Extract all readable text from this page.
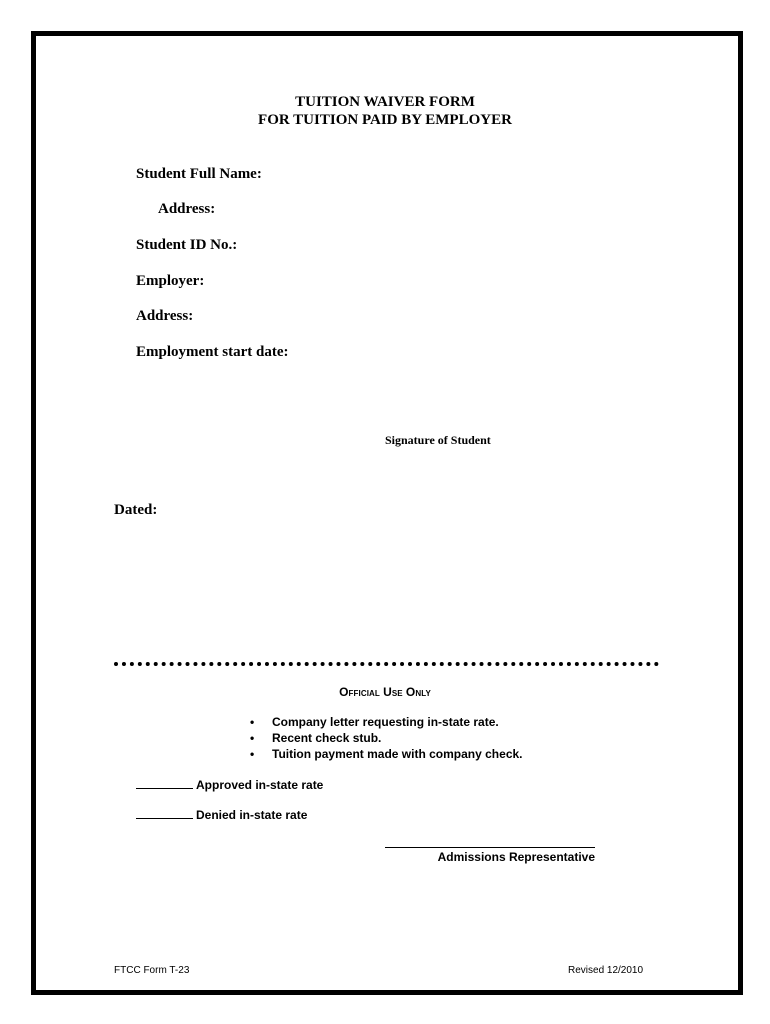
TUITION WAIVER FORM
FOR TUITION PAID BY EMPLOYER
Student Full Name:
Address:
Student ID No.:
Employer:
Address:
Employment start date:
Signature of Student
Dated:
Official Use Only
• Company letter requesting in-state rate.
• Recent check stub.
• Tuition payment made with company check.
Approved in-state rate
Denied in-state rate
Admissions Representative
FTCC Form T-23	Revised 12/2010
